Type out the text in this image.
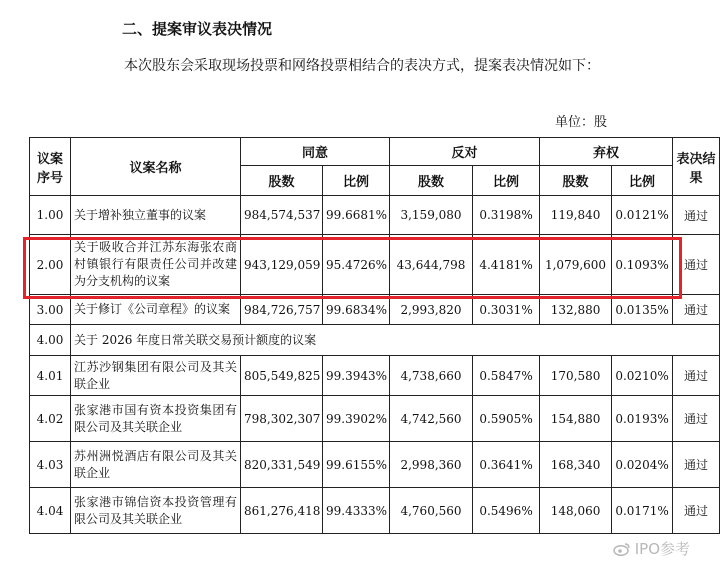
二、提案审议表决情况
本次股东会采取现场投票和网络投票相结合的表决方式，提案表决情况如下：
单位：股
议案序号	议案名称	同意		反对		弃权		表决结果
		股数	比例	股数	比例	股数	比例	
1.00	关于增补独立董事的议案	984,574,537	99.6681%	3,159,080	0.3198%	119,840	0.0121%	通过
2.00	关于吸收合并江苏东海张农商村镇银行有限责任公司并改建为分支机构的议案	943,129,059	95.4726%	43,644,798	4.4181%	1,079,600	0.1093%	通过
3.00	关于修订《公司章程》的议案	984,726,757	99.6834%	2,993,820	0.3031%	132,880	0.0135%	通过
4.00	关于 2026 年度日常关联交易预计额度的议案							
4.01	江苏沙钢集团有限公司及其关联企业	805,549,825	99.3943%	4,738,660	0.5847%	170,580	0.0210%	通过
4.02	张家港市国有资本投资集团有限公司及其关联企业	798,302,307	99.3902%	4,742,560	0.5905%	154,880	0.0193%	通过
4.03	苏州洲悦酒店有限公司及其关联企业	820,331,549	99.6155%	2,998,360	0.3641%	168,340	0.0204%	通过
4.04	张家港市锦信资本投资管理有限公司及其关联企业	861,276,418	99.4333%	4,760,560	0.5496%	148,060	0.0171%	通过
IPO参考
